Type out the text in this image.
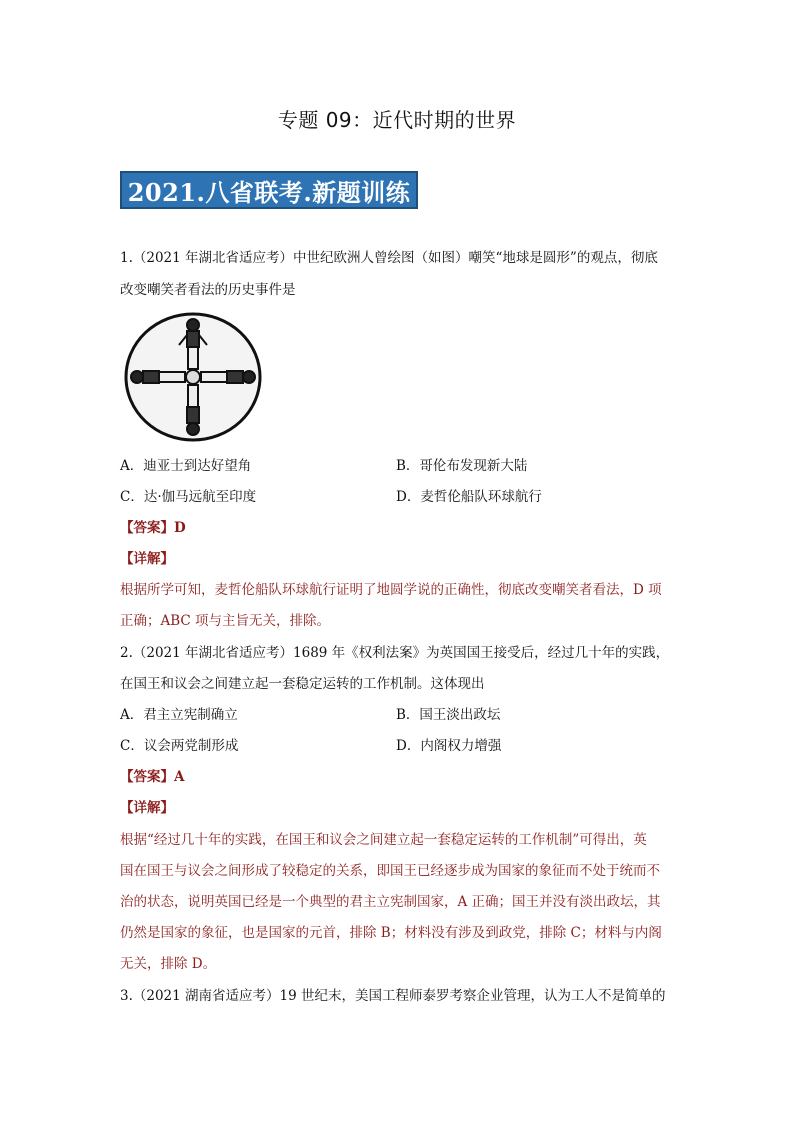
专题 09：近代时期的世界
2021.八省联考.新题训练
1.（2021 年湖北省适应考）中世纪欧洲人曾绘图（如图）嘲笑“地球是圆形”的观点，彻底
改变嘲笑者看法的历史事件是
A．迪亚士到达好望角	B．哥伦布发现新大陆
C．达·伽马远航至印度	D．麦哲伦船队环球航行
【答案】D
【详解】
根据所学可知，麦哲伦船队环球航行证明了地圆学说的正确性，彻底改变嘲笑者看法，D 项
正确；ABC 项与主旨无关，排除。
2.（2021 年湖北省适应考）1689 年《权利法案》为英国国王接受后，经过几十年的实践，
在国王和议会之间建立起一套稳定运转的工作机制。这体现出
A．君主立宪制确立	B．国王淡出政坛
C．议会两党制形成	D．内阁权力增强
【答案】A
【详解】
根据“经过几十年的实践，在国王和议会之间建立起一套稳定运转的工作机制”可得出，英
国在国王与议会之间形成了较稳定的关系，即国王已经逐步成为国家的象征而不处于统而不
治的状态，说明英国已经是一个典型的君主立宪制国家，A 正确；国王并没有淡出政坛，其
仍然是国家的象征，也是国家的元首，排除 B；材料没有涉及到政党，排除 C；材料与内阁
无关，排除 D。
3.（2021 湖南省适应考）19 世纪末，美国工程师泰罗考察企业管理，认为工人不是简单的
